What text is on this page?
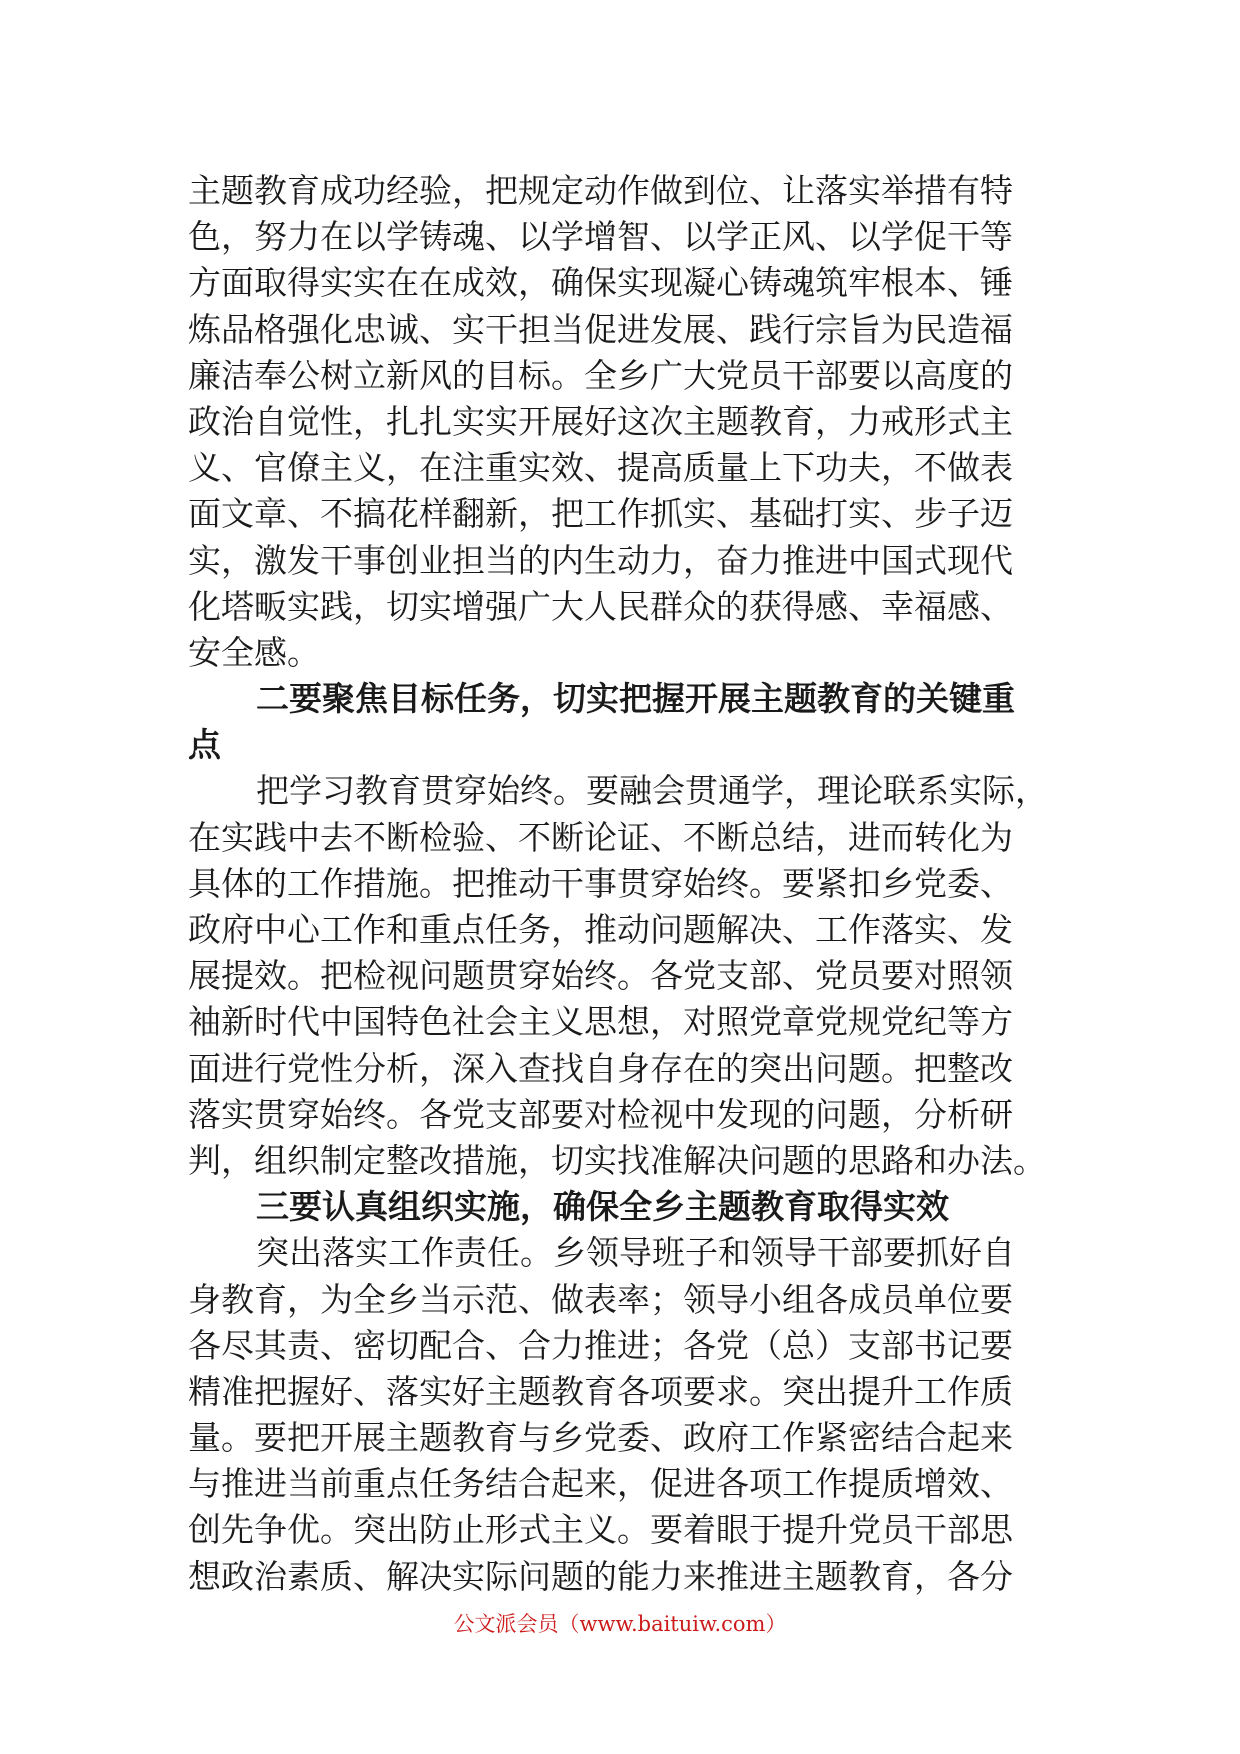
主题教育成功经验，把规定动作做到位、让落实举措有特
色，努力在以学铸魂、以学增智、以学正风、以学促干等
方面取得实实在在成效，确保实现凝心铸魂筑牢根本、锤
炼品格强化忠诚、实干担当促进发展、践行宗旨为民造福
廉洁奉公树立新风的目标。全乡广大党员干部要以高度的
政治自觉性，扎扎实实开展好这次主题教育，力戒形式主
义、官僚主义，在注重实效、提高质量上下功夫，不做表
面文章、不搞花样翻新，把工作抓实、基础打实、步子迈
实，激发干事创业担当的内生动力，奋力推进中国式现代
化塔畈实践，切实增强广大人民群众的获得感、幸福感、
安全感。
二要聚焦目标任务，切实把握开展主题教育的关键重
点
把学习教育贯穿始终。要融会贯通学，理论联系实际，
在实践中去不断检验、不断论证、不断总结，进而转化为
具体的工作措施。把推动干事贯穿始终。要紧扣乡党委、
政府中心工作和重点任务，推动问题解决、工作落实、发
展提效。把检视问题贯穿始终。各党支部、党员要对照领
袖新时代中国特色社会主义思想，对照党章党规党纪等方
面进行党性分析，深入查找自身存在的突出问题。把整改
落实贯穿始终。各党支部要对检视中发现的问题，分析研
判，组织制定整改措施，切实找准解决问题的思路和办法。
三要认真组织实施，确保全乡主题教育取得实效
突出落实工作责任。乡领导班子和领导干部要抓好自
身教育，为全乡当示范、做表率；领导小组各成员单位要
各尽其责、密切配合、合力推进；各党（总）支部书记要
精准把握好、落实好主题教育各项要求。突出提升工作质
量。要把开展主题教育与乡党委、政府工作紧密结合起来
与推进当前重点任务结合起来，促进各项工作提质增效、
创先争优。突出防止形式主义。要着眼于提升党员干部思
想政治素质、解决实际问题的能力来推进主题教育，各分
公文派会员（www.baituiw.com）
